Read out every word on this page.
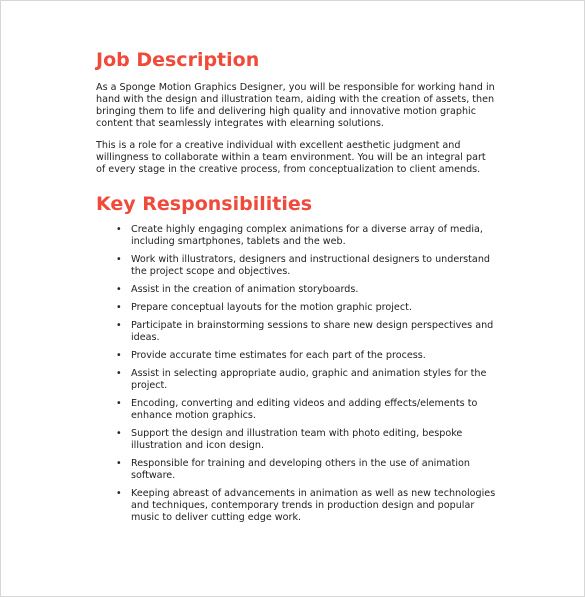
Job Description

As a Sponge Motion Graphics Designer, you will be responsible for working hand in hand with the design and illustration team, aiding with the creation of assets, then bringing them to life and delivering high quality and innovative motion graphic content that seamlessly integrates with elearning solutions.

This is a role for a creative individual with excellent aesthetic judgment and willingness to collaborate within a team environment. You will be an integral part of every stage in the creative process, from conceptualization to client amends.

Key Responsibilities
• Create highly engaging complex animations for a diverse array of media, including smartphones, tablets and the web.
• Work with illustrators, designers and instructional designers to understand the project scope and objectives.
• Assist in the creation of animation storyboards.
• Prepare conceptual layouts for the motion graphic project.
• Participate in brainstorming sessions to share new design perspectives and ideas.
• Provide accurate time estimates for each part of the process.
• Assist in selecting appropriate audio, graphic and animation styles for the project.
• Encoding, converting and editing videos and adding effects/elements to enhance motion graphics.
• Support the design and illustration team with photo editing, bespoke illustration and icon design.
• Responsible for training and developing others in the use of animation software.
• Keeping abreast of advancements in animation as well as new technologies and techniques, contemporary trends in production design and popular music to deliver cutting edge work.
